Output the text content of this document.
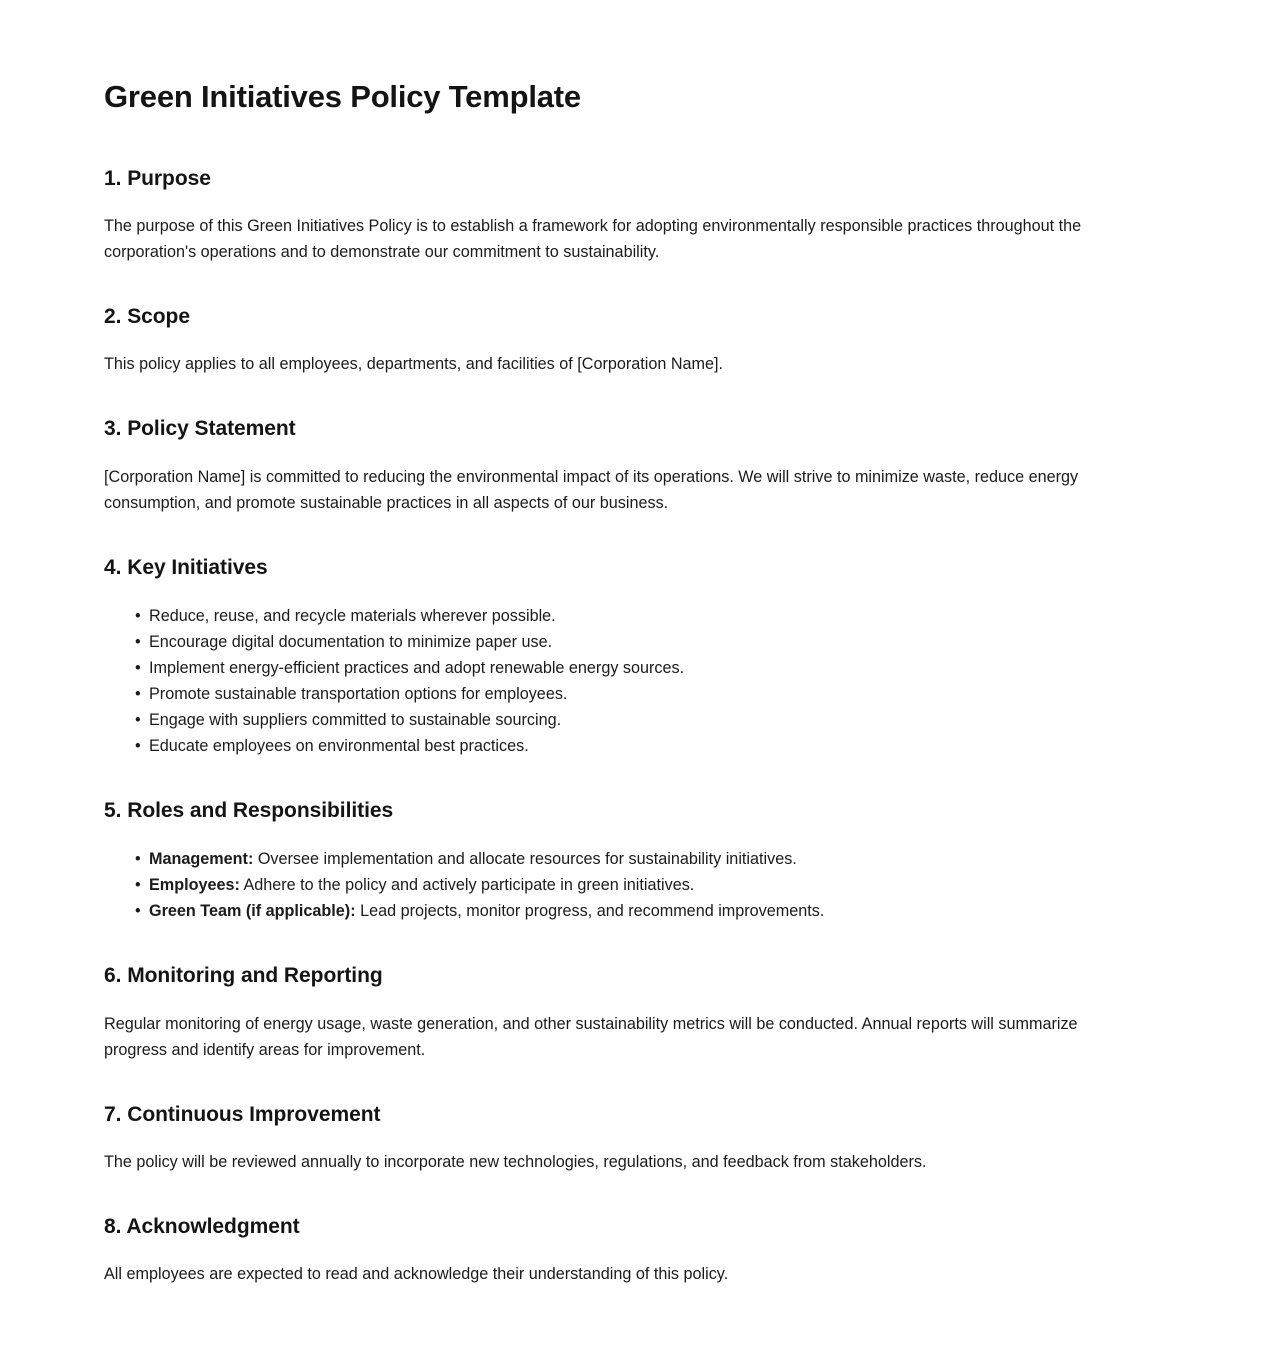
Green Initiatives Policy Template
1. Purpose

The purpose of this Green Initiatives Policy is to establish a framework for adopting environmentally responsible practices throughout the corporation's operations and to demonstrate our commitment to sustainability.

2. Scope

This policy applies to all employees, departments, and facilities of [Corporation Name].

3. Policy Statement

[Corporation Name] is committed to reducing the environmental impact of its operations. We will strive to minimize waste, reduce energy consumption, and promote sustainable practices in all aspects of our business.

4. Key Initiatives
• Reduce, reuse, and recycle materials wherever possible.
• Encourage digital documentation to minimize paper use.
• Implement energy-efficient practices and adopt renewable energy sources.
• Promote sustainable transportation options for employees.
• Engage with suppliers committed to sustainable sourcing.
• Educate employees on environmental best practices.
5. Roles and Responsibilities
• Management: Oversee implementation and allocate resources for sustainability initiatives.
• Employees: Adhere to the policy and actively participate in green initiatives.
• Green Team (if applicable): Lead projects, monitor progress, and recommend improvements.
6. Monitoring and Reporting

Regular monitoring of energy usage, waste generation, and other sustainability metrics will be conducted. Annual reports will summarize progress and identify areas for improvement.

7. Continuous Improvement

The policy will be reviewed annually to incorporate new technologies, regulations, and feedback from stakeholders.

8. Acknowledgment

All employees are expected to read and acknowledge their understanding of this policy.
